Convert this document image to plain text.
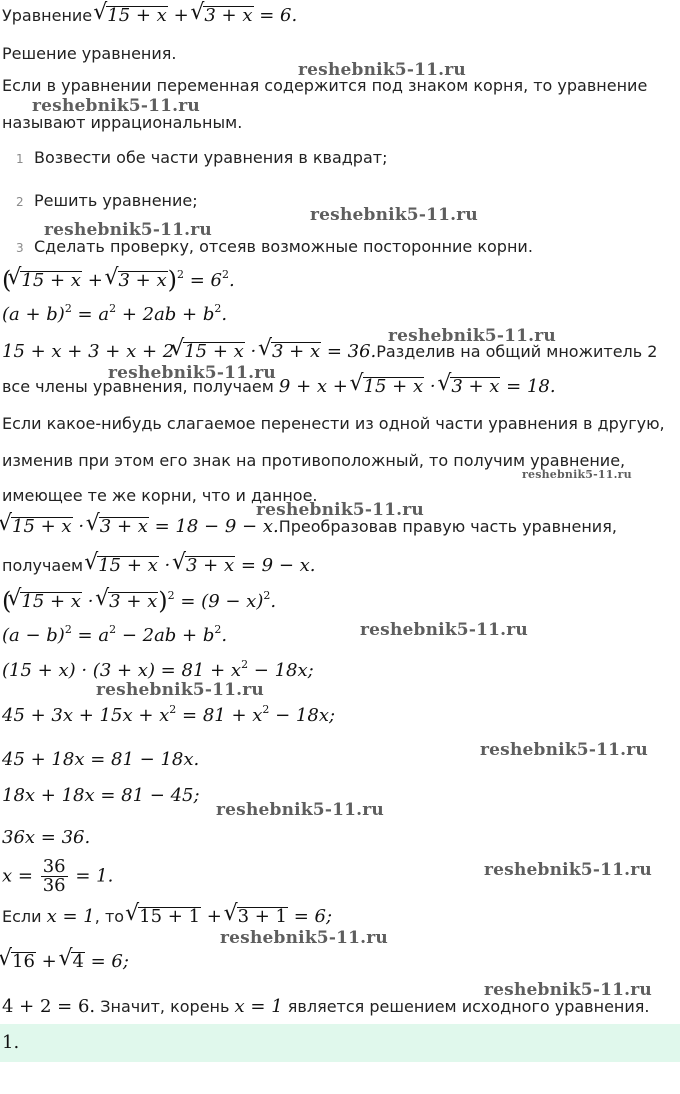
Уравнение √ 15 + x + √ 3 + x = 6.
Решение уравнения.
Если в уравнении переменная содержится под знаком корня, то уравнение
называют иррациональным.
1 Возвести обе части уравнения в квадрат;
2 Решить уравнение;
3 Сделать проверку, отсеяв возможные посторонние корни.
( √ 15 + x + √ $3 + x)^2 = 6^2$.
$(a + b)^2 = a^2 + 2ab + b^2$.
15 + x + 3 + x + 2 √ 15 + x · √ 3 + x = 36.Разделив на общий множитель 2
все члены уравнения, получаем 9 + x + √ 15 + x · √ 3 + x = 18.
Если какое-нибудь слагаемое перенести из одной части уравнения в другую,
изменив при этом его знак на противоположный, то получим уравнение,
имеющее те же корни, что и данное.
√ 15 + x · √ 3 + x = 18 − 9 − x.Преобразовав правую часть уравнения,
получаем √ 15 + x · √ 3 + x = 9 − x.
( √ 15 + x · √ $3 + x)^2 = (9 - x)^2$.
$(a - b)^2 = a^2 - 2ab + b^2$.
$(15 + x) \cdot (3 + x) = 81 + x^2 - 18x$;
$45 + 3x + 15x + x^2 = 81 + x^2 - 18x$;
45 + 18x = 81 − 18x.
18x + 18x = 81 − 45;
36x = 36.
$x = \frac{36}{36} = 1$.
Если x = 1, то √ 15 + 1 + √ 3 + 1 = 6;
√ 16 + √ 4 = 6;
4 + 2 = 6. Значит, корень x = 1 является решением исходного уравнения.
1.
reshebnik5-11.ru
reshebnik5-11.ru
reshebnik5-11.ru
reshebnik5-11.ru
reshebnik5-11.ru
reshebnik5-11.ru
reshebnik5-11.ru
reshebnik5-11.ru
reshebnik5-11.ru
reshebnik5-11.ru
reshebnik5-11.ru
reshebnik5-11.ru
reshebnik5-11.ru
reshebnik5-11.ru
reshebnik5-11.ru
